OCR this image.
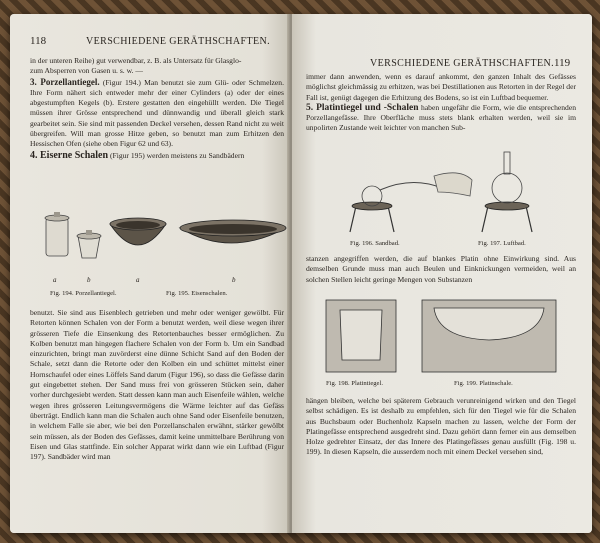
118	VERSCHIEDENE GERÄTHSCHAFTEN.

in der unteren Reihe) gut verwendbar, z. B. als Untersatz für Glasglo-

zum Absperren von Gasen u. s. w. —

3. Porzellantiegel. (Figur 194.) Man benutzt sie zum Glü- oder Schmelzen. Ihre Form nähert sich entweder mehr der einer Cylinders (a) oder der eines abgestumpften Kegels (b). Erstere gestatten den eingehüllt werden. Die Tiegel müssen ihrer Grösse entsprechend und dünnwandig und überall gleich stark gearbeitet sein. Sie sind mit passenden Deckel versehen, dessen Rand nicht zu weit übergreifen. Will man grosse Hitze geben, so benutzt man zum Erhitzen den Hessischen Ofen (siehe oben Figur 62 und 63).

4. Eiserne Schalen (Figur 195) werden meistens zu Sandbädern

a	b	a	b
Fig. 194. Porzellantiegel.	Fig. 195. Eisenschalen.
benutzt. Sie sind aus Eisenblech getrieben und mehr oder weniger gewölbt. Für Retorten können Schalen von der Form a benutzt werden, weil diese wegen ihrer grösseren Tiefe die Einsenkung des Retortenbauches besser ermöglichen. Zu Kolben benutzt man hingegen flachere Schalen von der Form b. Um ein Sandbad einzurichten, bringt man zuvörderst eine dünne Schicht Sand auf den Boden der Schale, setzt dann die Retorte oder den Kolben ein und schüttet mittelst einer Hornschaufel oder eines Löffels Sand darum (Figur 196), so dass die Gefässe darin gut eingebettet stehen. Der Sand muss frei von grösseren Stücken sein, daher vorher durchgesiebt werden. Statt dessen kann man auch Eisenfeile wählen, welche wegen ihres grösseren Leitungsvermögens die Wärme leichter auf das Gefäss überträgt. Endlich kann man die Schalen auch ohne Sand oder Eisenfeile benutzen, in welchem Falle sie aber, wie bei den Porzellanschalen erwähnt, stärker gewölbt sein müssen, als der Boden des Gefässes, damit keine unmittelbare Berührung von Eisen und Glas stattfinde. Ein solcher Apparat wirkt dann wie ein Luftbad (Figur 197). Sandbäder wird man
VERSCHIEDENE GERÄTHSCHAFTEN. 119

immer dann anwenden, wenn es darauf ankommt, den ganzen Inhalt des Gefässes möglichst gleichmässig zu erhitzen, was bei Destillationen aus Retorten in der Regel der Fall ist, genügt dagegen die Erhitzung des Bodens, so ist ein Luftbad bequemer.

5. Platintiegel und -Schalen haben ungefähr die Form, wie die entsprechenden Porzellangefässe. Ihre Oberfläche muss stets blank erhalten werden, weil sie im unpolirten Zustande weit leichter von manchen Sub-

Fig. 196. Sandbad.	Fig. 197. Luftbad.
stanzen angegriffen werden, die auf blankes Platin ohne Einwirkung sind. Aus demselben Grunde muss man auch Beulen und Einknickungen vermeiden, weil an solchen Stellen leicht geringe Mengen von Substanzen
Fig. 198. Platintiegel.	Fig. 199. Platinschale.
hängen bleiben, welche bei späterem Gebrauch verunreinigend wirken und den Tiegel selbst schädigen. Es ist deshalb zu empfehlen, sich für den Tiegel wie für die Schalen aus Buchsbaum oder Buchenholz Kapseln machen zu lassen, welche der Form der Platingefässe entsprechend ausgedreht sind. Dazu gehört dann ferner ein aus demselben Holze gedrehter Einsatz, der das Innere des Platingefässes genau ausfüllt (Fig. 198 u. 199). In diesen Kapseln, die ausserdem noch mit einem Deckel versehen sind,
